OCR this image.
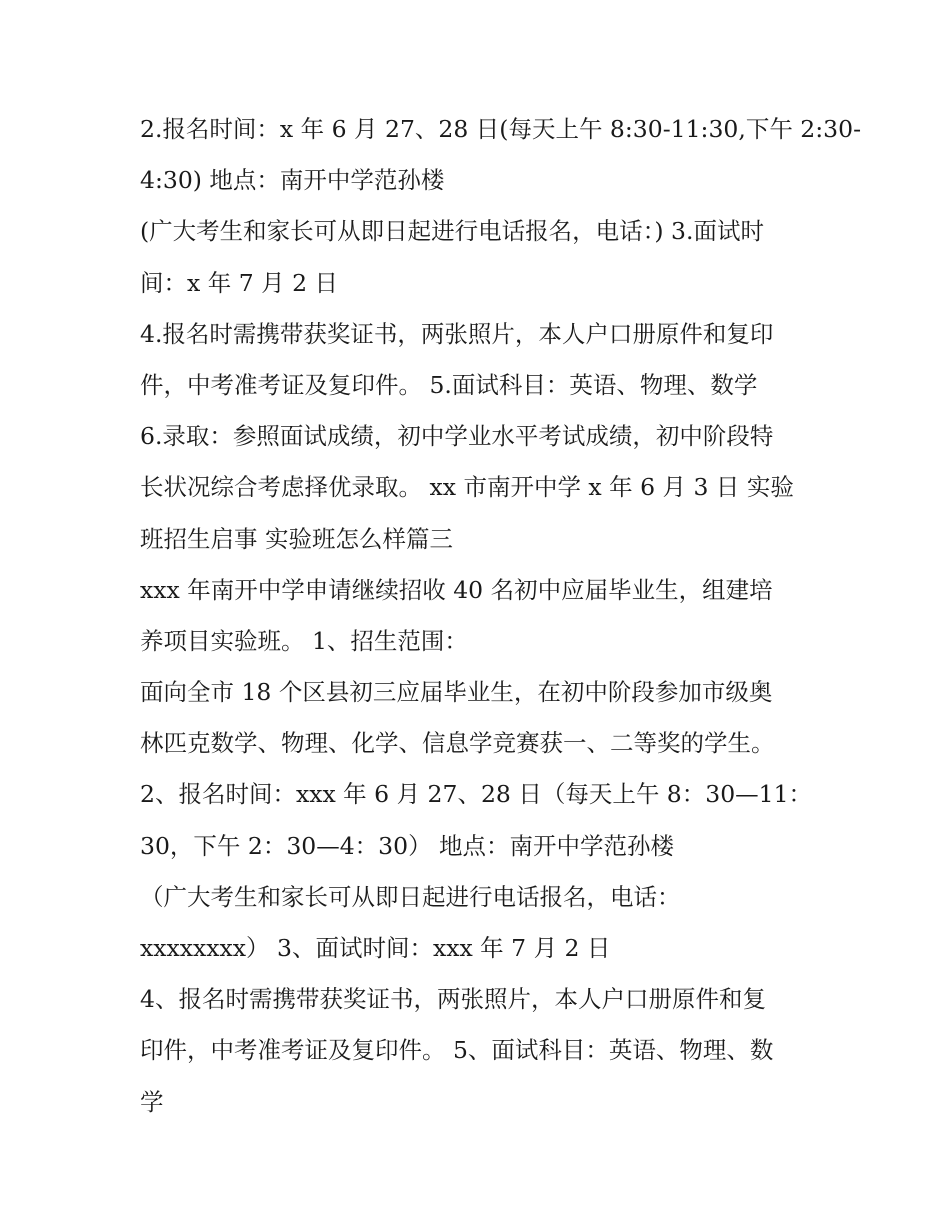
2.报名时间：x 年 6 月 27、28 日(每天上午 8:30-11:30,下午 2:30-
4:30) 地点：南开中学范孙楼
(广大考生和家长可从即日起进行电话报名，电话：) 3.面试时
间：x 年 7 月 2 日
4.报名时需携带获奖证书，两张照片，本人户口册原件和复印
件，中考准考证及复印件。 5.面试科目：英语、物理、数学
6.录取：参照面试成绩，初中学业水平考试成绩，初中阶段特
长状况综合考虑择优录取。 xx 市南开中学 x 年 6 月 3 日 实验
班招生启事 实验班怎么样篇三
xxx 年南开中学申请继续招收 40 名初中应届毕业生，组建培
养项目实验班。 1、招生范围：
面向全市 18 个区县初三应届毕业生，在初中阶段参加市级奥
林匹克数学、物理、化学、信息学竞赛获一、二等奖的学生。
2、报名时间：xxx 年 6 月 27、28 日（每天上午 8：30—11：
30，下午 2：30—4：30） 地点：南开中学范孙楼
（广大考生和家长可从即日起进行电话报名，电话：
xxxxxxxx） 3、面试时间：xxx 年 7 月 2 日
4、报名时需携带获奖证书，两张照片，本人户口册原件和复
印件，中考准考证及复印件。 5、面试科目：英语、物理、数
学
